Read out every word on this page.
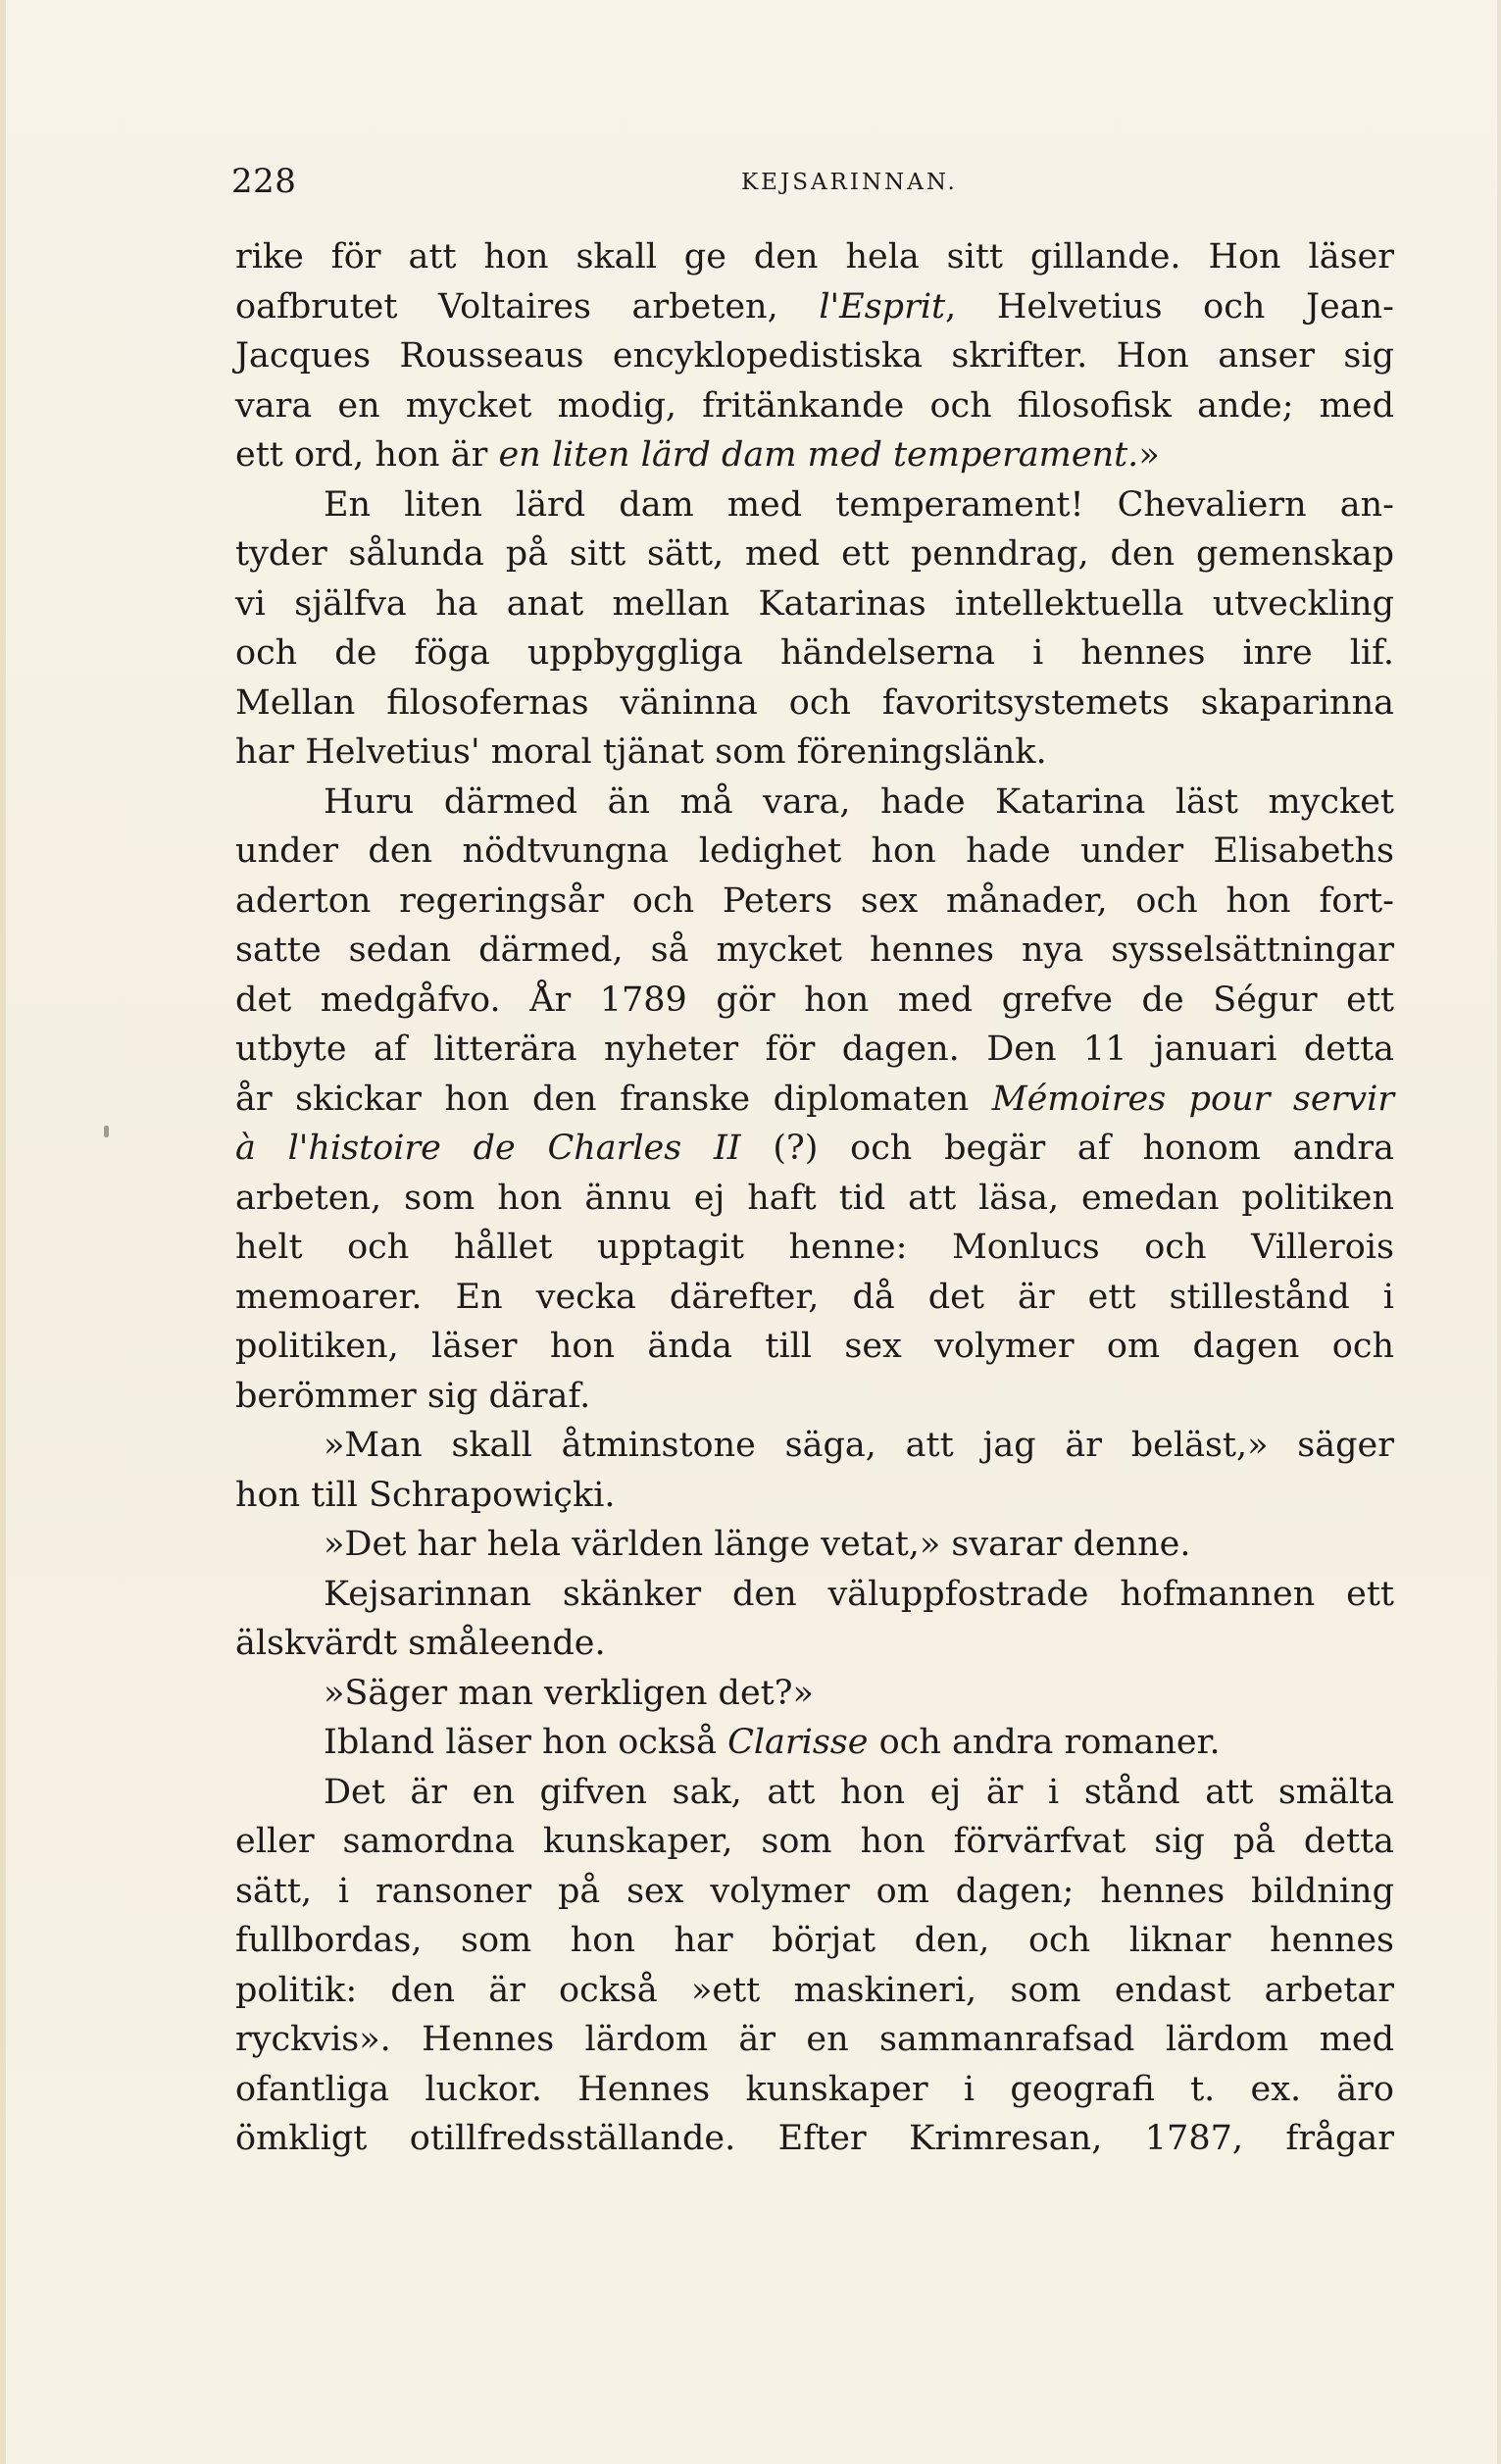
228	KEJSARINNAN.
rike för att hon skall ge den hela sitt gillande. Hon läser
oafbrutet Voltaires arbeten, l'Esprit, Helvetius och Jean-
Jacques Rousseaus encyklopedistiska skrifter. Hon anser sig
vara en mycket modig, fritänkande och filosofisk ande; med
ett ord, hon är en liten lärd dam med temperament.»
En liten lärd dam med temperament! Chevaliern an-
tyder sålunda på sitt sätt, med ett penndrag, den gemenskap
vi själfva ha anat mellan Katarinas intellektuella utveckling
och de föga uppbyggliga händelserna i hennes inre lif.
Mellan filosofernas väninna och favoritsystemets skaparinna
har Helvetius' moral tjänat som föreningslänk.
Huru därmed än må vara, hade Katarina läst mycket
under den nödtvungna ledighet hon hade under Elisabeths
aderton regeringsår och Peters sex månader, och hon fort-
satte sedan därmed, så mycket hennes nya sysselsättningar
det medgåfvo. År 1789 gör hon med grefve de Ségur ett
utbyte af litterära nyheter för dagen. Den 11 januari detta
år skickar hon den franske diplomaten Mémoires pour servir
à l'histoire de Charles II (?) och begär af honom andra
arbeten, som hon ännu ej haft tid att läsa, emedan politiken
helt och hållet upptagit henne: Monlucs och Villerois
memoarer. En vecka därefter, då det är ett stillestånd i
politiken, läser hon ända till sex volymer om dagen och
berömmer sig däraf.
»Man skall åtminstone säga, att jag är beläst,» säger
hon till Schrapowiçki.
»Det har hela världen länge vetat,» svarar denne.
Kejsarinnan skänker den väluppfostrade hofmannen ett
älskvärdt småleende.
»Säger man verkligen det?»
Ibland läser hon också Clarisse och andra romaner.
Det är en gifven sak, att hon ej är i stånd att smälta
eller samordna kunskaper, som hon förvärfvat sig på detta
sätt, i ransoner på sex volymer om dagen; hennes bildning
fullbordas, som hon har börjat den, och liknar hennes
politik: den är också »ett maskineri, som endast arbetar
ryckvis». Hennes lärdom är en sammanrafsad lärdom med
ofantliga luckor. Hennes kunskaper i geografi t. ex. äro
ömkligt otillfredsställande. Efter Krimresan, 1787, frågar
